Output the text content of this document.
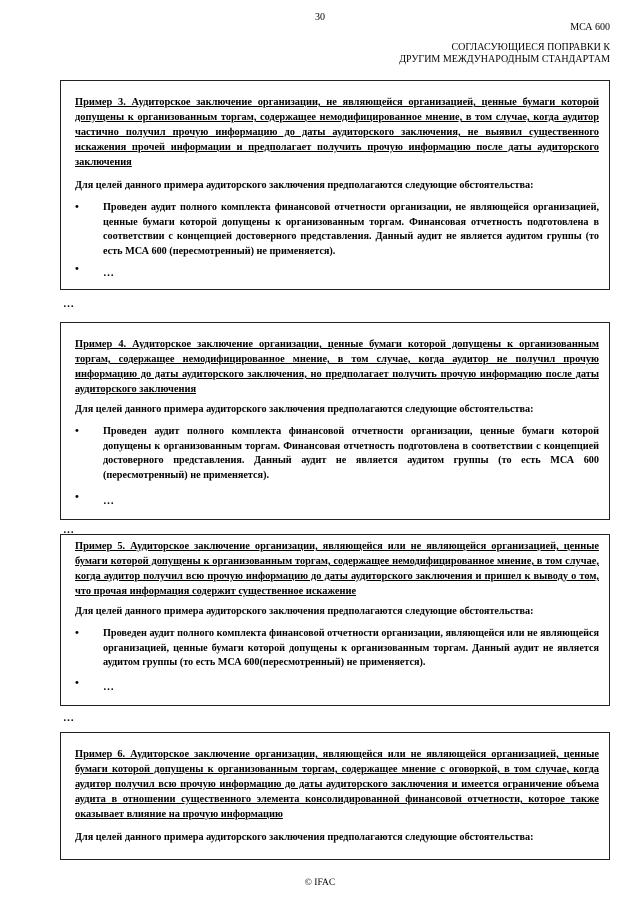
30
МСА 600
СОГЛАСУЮЩИЕСЯ ПОПРАВКИ К
ДРУГИМ МЕЖДУНАРОДНЫМ СТАНДАРТАМ
Пример 3. Аудиторское заключение организации, не являющейся организацией, ценные бумаги которой допущены к организованным торгам, содержащее немодифицированное мнение, в том случае, когда аудитор частично получил прочую информацию до даты аудиторского заключения, не выявил существенного искажения прочей информации и предполагает получить прочую информацию после даты аудиторского заключения
Для целей данного примера аудиторского заключения предполагаются следующие обстоятельства:
• Проведен аудит полного комплекта финансовой отчетности организации, не являющейся организацией, ценные бумаги которой допущены к организованным торгам. Финансовая отчетность подготовлена в соответствии с концепцией достоверного представления. Данный аудит не является аудитом группы (то есть МСА 600 (пересмотренный) не применяется).
• …
…
Пример 4. Аудиторское заключение организации, ценные бумаги которой допущены к организованным торгам, содержащее немодифицированное мнение, в том случае, когда аудитор не получил прочую информацию до даты аудиторского заключения, но предполагает получить прочую информацию после даты аудиторского заключения
Для целей данного примера аудиторского заключения предполагаются следующие обстоятельства:
• Проведен аудит полного комплекта финансовой отчетности организации, ценные бумаги которой допущены к организованным торгам. Финансовая отчетность подготовлена в соответствии с концепцией достоверного представления. Данный аудит не является аудитом группы (то есть МСА 600 (пересмотренный) не применяется).
• …
…
Пример 5. Аудиторское заключение организации, являющейся или не являющейся организацией, ценные бумаги которой допущены к организованным торгам, содержащее немодифицированное мнение, в том случае, когда аудитор получил всю прочую информацию до даты аудиторского заключения и пришел к выводу о том, что прочая информация содержит существенное искажение
Для целей данного примера аудиторского заключения предполагаются следующие обстоятельства:
• Проведен аудит полного комплекта финансовой отчетности организации, являющейся или не являющейся организацией, ценные бумаги которой допущены к организованным торгам. Данный аудит не является аудитом группы (то есть МСА 600(пересмотренный) не применяется).
• …
…
Пример 6. Аудиторское заключение организации, являющейся или не являющейся организацией, ценные бумаги которой допущены к организованным торгам, содержащее мнение с оговоркой, в том случае, когда аудитор получил всю прочую информацию до даты аудиторского заключения и имеется ограничение объема аудита в отношении существенного элемента консолидированной финансовой отчетности, которое также оказывает влияние на прочую информацию
Для целей данного примера аудиторского заключения предполагаются следующие обстоятельства:
© IFAC
